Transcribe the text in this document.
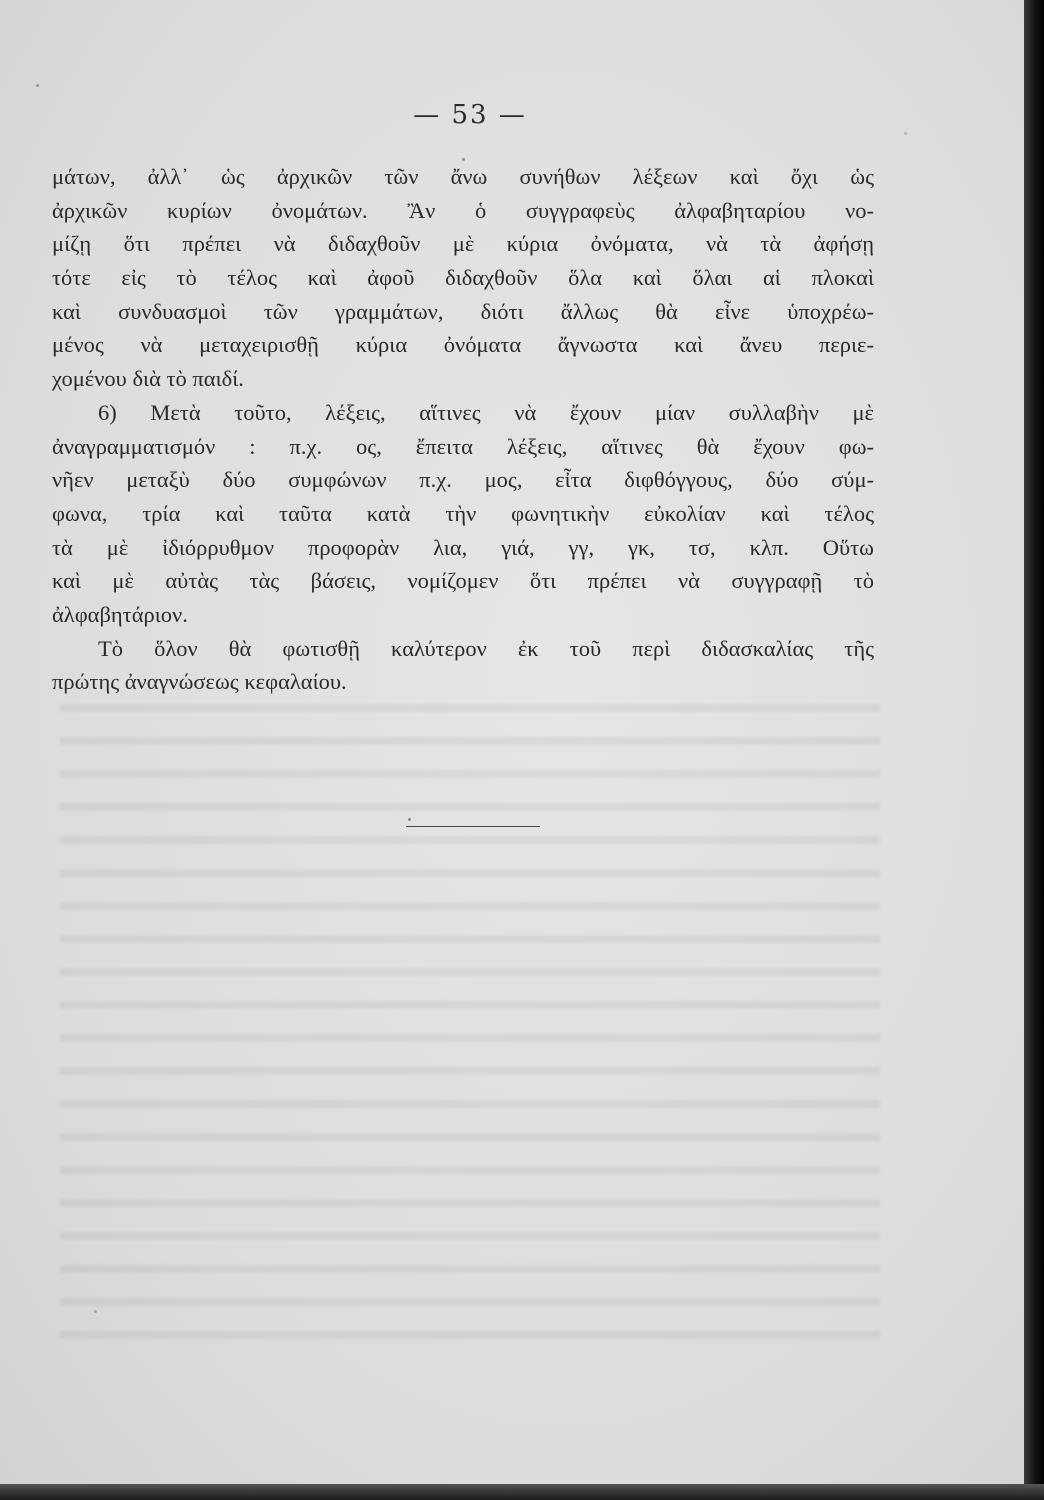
— 53 —
μάτων, ἀλλ᾽ ὡς ἀρχικῶν τῶν ἄνω συνήθων λέξεων καὶ ὄχι ὡς
ἀρχικῶν κυρίων ὀνομάτων. Ἂν ὁ συγγραφεὺς ἀλφαβηταρίου νο-
μίζῃ ὅτι πρέπει νὰ διδαχθοῦν μὲ κύρια ὀνόματα, νὰ τὰ ἀφήσῃ
τότε εἰς τὸ τέλος καὶ ἀφοῦ διδαχθοῦν ὅλα καὶ ὅλαι αἱ πλοκαὶ
καὶ συνδυασμοὶ τῶν γραμμάτων, διότι ἄλλως θὰ εἶνε ὑποχρέω-
μένος νὰ μεταχειρισθῇ κύρια ὀνόματα ἄγνωστα καὶ ἄνευ περιε-
χομένου διὰ τὸ παιδί.
6) Μετὰ τοῦτο, λέξεις, αἵτινες νὰ ἔχουν μίαν συλλαβὴν μὲ
ἀναγραμματισμόν : π.χ. ος, ἔπειτα λέξεις, αἵτινες θὰ ἔχουν φω-
νῆεν μεταξὺ δύο συμφώνων π.χ. μος, εἶτα διφθόγγους, δύο σύμ-
φωνα, τρία καὶ ταῦτα κατὰ τὴν φωνητικὴν εὐκολίαν καὶ τέλος
τὰ μὲ ἰδιόρρυθμον προφορὰν λια, γιά, γγ, γκ, τσ, κλπ. Οὕτω
καὶ μὲ αὐτὰς τὰς βάσεις, νομίζομεν ὅτι πρέπει νὰ συγγραφῇ τὸ
ἀλφαβητάριον.
Τὸ ὅλον θὰ φωτισθῇ καλύτερον ἐκ τοῦ περὶ διδασκαλίας τῆς
πρώτης ἀναγνώσεως κεφαλαίου.
